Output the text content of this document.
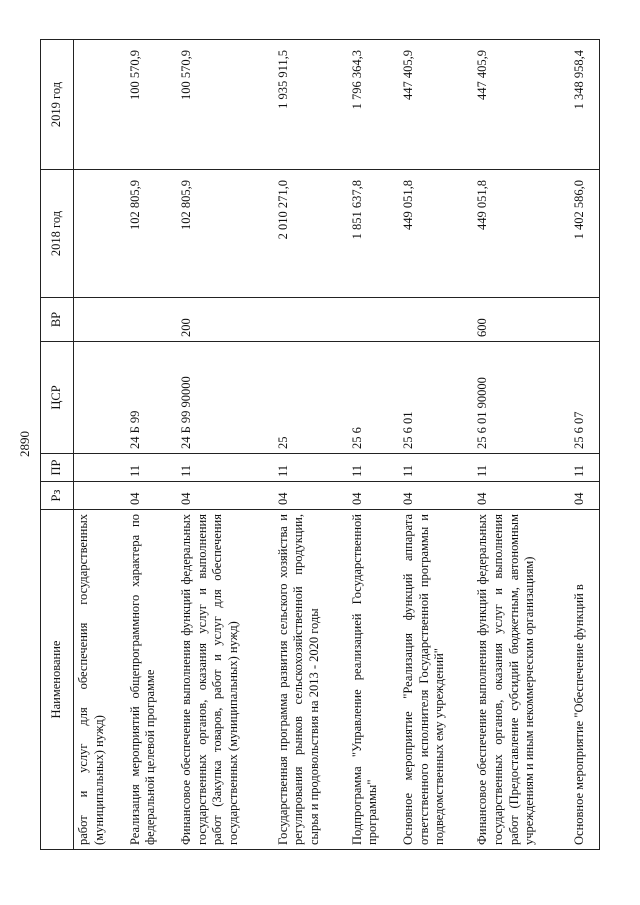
2890
Наименование	Рз	ПР	ЦСР	ВР	2018 год	2019 год
работ и услуг для обеспечения государственных (муниципальных) нужд)						
Реализация мероприятий общепрограммного характера по федеральной целевой программе	04	11	24 Б 99		102 805,9	100 570,9
Финансовое обеспечение выполнения функций федеральных государственных органов, оказания услуг и выполнения работ (Закупка товаров, работ и услуг для обеспечения государственных (муниципальных) нужд)	04	11	24 Б 99 90000	200	102 805,9	100 570,9
Государственная программа развития сельского хозяйства и регулирования рынков сельскохозяйственной продукции, сырья и продовольствия на 2013 - 2020 годы	04	11	25		2 010 271,0	1 935 911,5
Подпрограмма "Управление реализацией Государственной программы"	04	11	25 6		1 851 637,8	1 796 364,3
Основное мероприятие "Реализация функций аппарата ответственного исполнителя Государственной программы и подведомственных ему учреждений"	04	11	25 6 01		449 051,8	447 405,9
Финансовое обеспечение выполнения функций федеральных государственных органов, оказания услуг и выполнения работ (Предоставление субсидий бюджетным, автономным учреждениям и иным некоммерческим организациям)	04	11	25 6 01 90000	600	449 051,8	447 405,9
Основное мероприятие "Обеспечение функций в	04	11	25 6 07		1 402 586,0	1 348 958,4
